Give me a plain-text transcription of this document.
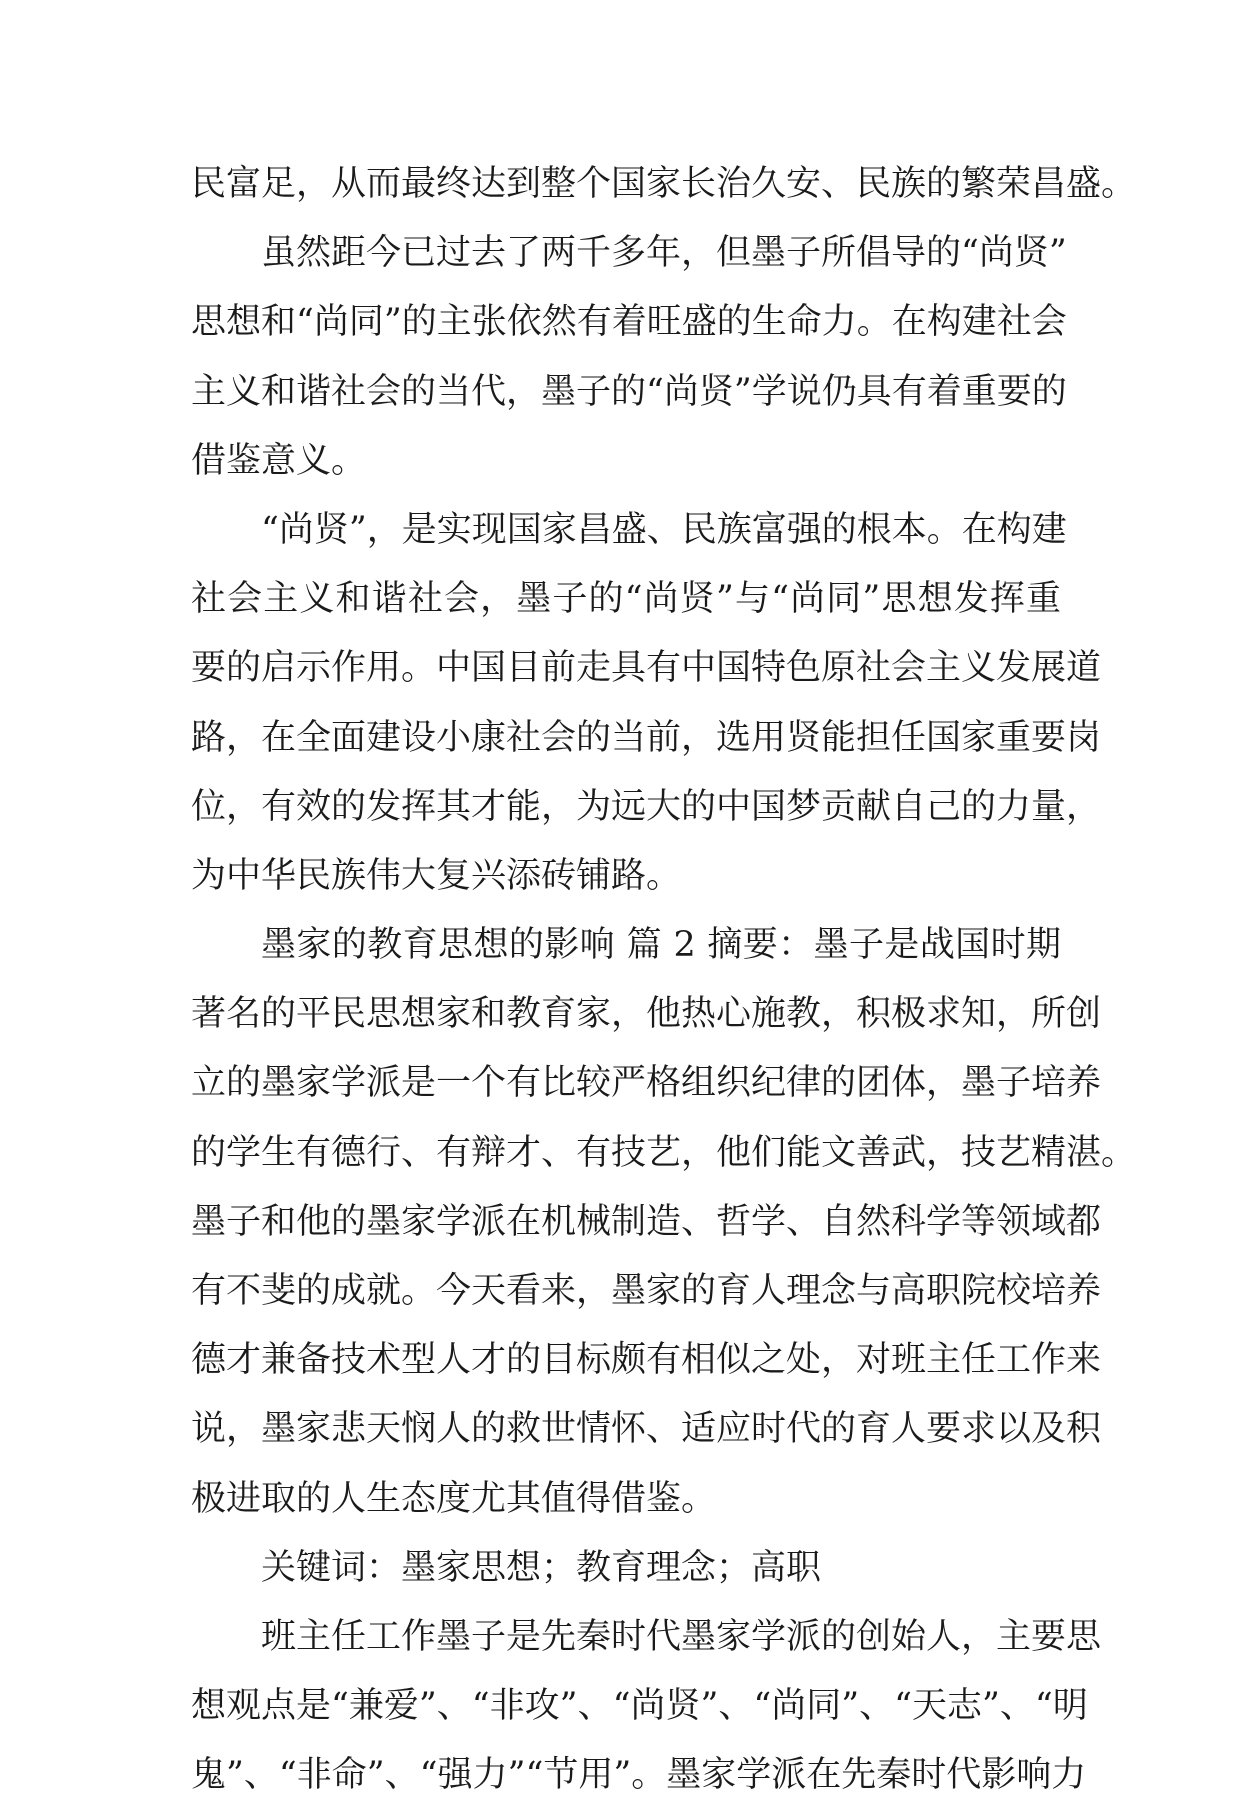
民富足，从而最终达到整个国家长治久安、民族的繁荣昌盛。
虽然距今已过去了两千多年，但墨子所倡导的“尚贤”
思想和“尚同”的主张依然有着旺盛的生命力。在构建社会
主义和谐社会的当代，墨子的“尚贤”学说仍具有着重要的
借鉴意义。
“尚贤”，是实现国家昌盛、民族富强的根本。在构建
社会主义和谐社会，墨子的“尚贤”与“尚同”思想发挥重
要的启示作用。中国目前走具有中国特色原社会主义发展道
路，在全面建设小康社会的当前，选用贤能担任国家重要岗
位，有效的发挥其才能，为远大的中国梦贡献自己的力量，
为中华民族伟大复兴添砖铺路。
墨家的教育思想的影响 篇 2 摘要：墨子是战国时期
著名的平民思想家和教育家，他热心施教，积极求知，所创
立的墨家学派是一个有比较严格组织纪律的团体，墨子培养
的学生有德行、有辩才、有技艺，他们能文善武，技艺精湛。
墨子和他的墨家学派在机械制造、哲学、自然科学等领域都
有不斐的成就。今天看来，墨家的育人理念与高职院校培养
德才兼备技术型人才的目标颇有相似之处，对班主任工作来
说，墨家悲天悯人的救世情怀、适应时代的育人要求以及积
极进取的人生态度尤其值得借鉴。
关键词：墨家思想；教育理念；高职
班主任工作墨子是先秦时代墨家学派的创始人，主要思
想观点是“兼爱”、“非攻”、“尚贤”、“尚同”、“天志”、“明
鬼”、“非命”、“强力”“节用”。墨家学派在先秦时代影响力
